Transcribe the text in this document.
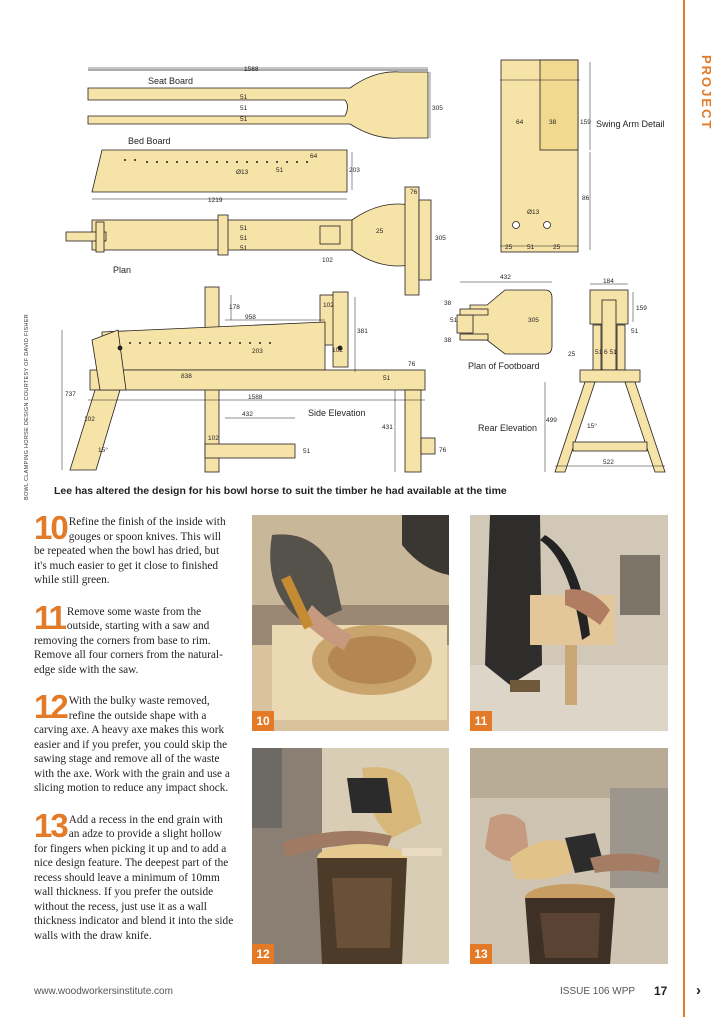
PROJECT
BOWL CLAMPING HORSE DESIGN COURTESY OF DAVID FISHER
Seat Board
Bed Board
Plan
Swing Arm Detail
Plan of Footboard
Side Elevation
Rear Elevation
1588
305
51
51
51
Ø13
64
51	203
1219
76
25
305
51
51
51
102
64	38	159
86
Ø13
25 51	25
432
38
51
38
305
184
159
51
25	51 6 51
499
15°
522
178
958
102
381
102
203
838
76
51
737	1588
102
432
431
15°
102
51	76
Lee has altered the design for his bowl horse to suit the timber he had available at the time

10 Refine the finish of the inside with gouges or spoon knives. This will be repeated when the bowl has dried, but it's much easier to get it close to finished while still green.

11 Remove some waste from the outside, starting with a saw and removing the corners from base to rim. Remove all four corners from the natural-edge side with the saw.

12 With the bulky waste removed, refine the outside shape with a carving axe. A heavy axe makes this work easier and if you prefer, you could skip the sawing stage and remove all of the waste with the axe. Work with the grain and use a slicing motion to reduce any impact shock.

13 Add a recess in the end grain with an adze to provide a slight hollow for fingers when picking it up and to add a nice design feature. The deepest part of the recess should leave a minimum of 10mm wall thickness. If you prefer the outside without the recess, just use it as a wall thickness indicator and blend it into the side walls with the draw knife.

10	11
12	13
www.woodworkersinstitute.com	ISSUE 106 WPP 17 ›
